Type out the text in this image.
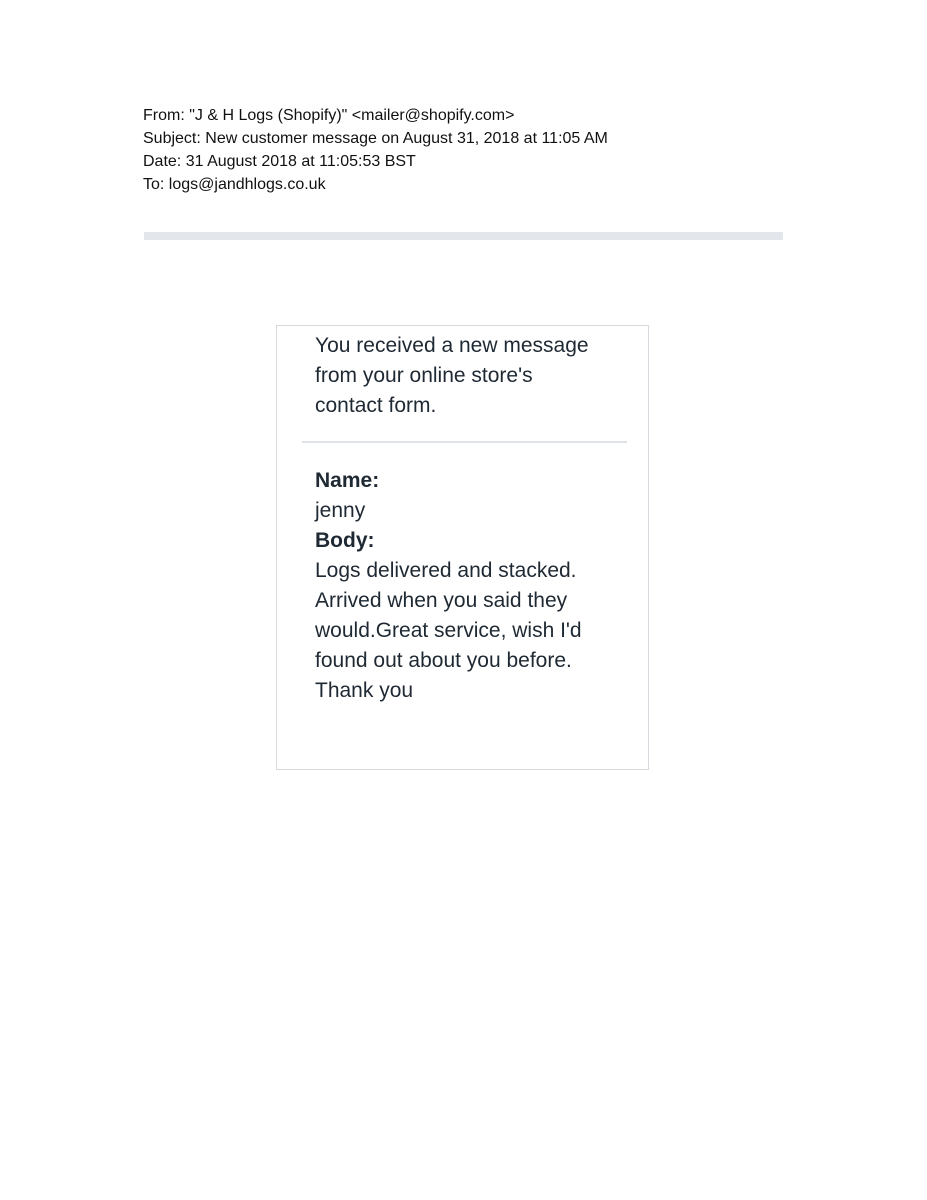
From: "J & H Logs (Shopify)" <mailer@shopify.com>
Subject: New customer message on August 31, 2018 at 11:05 AM
Date: 31 August 2018 at 11:05:53 BST
To: logs@jandhlogs.co.uk
You received a new message
from your online store's
contact form.
Name:
jenny
Body:
Logs delivered and stacked.
Arrived when you said they
would.Great service, wish I'd
found out about you before.
Thank you
